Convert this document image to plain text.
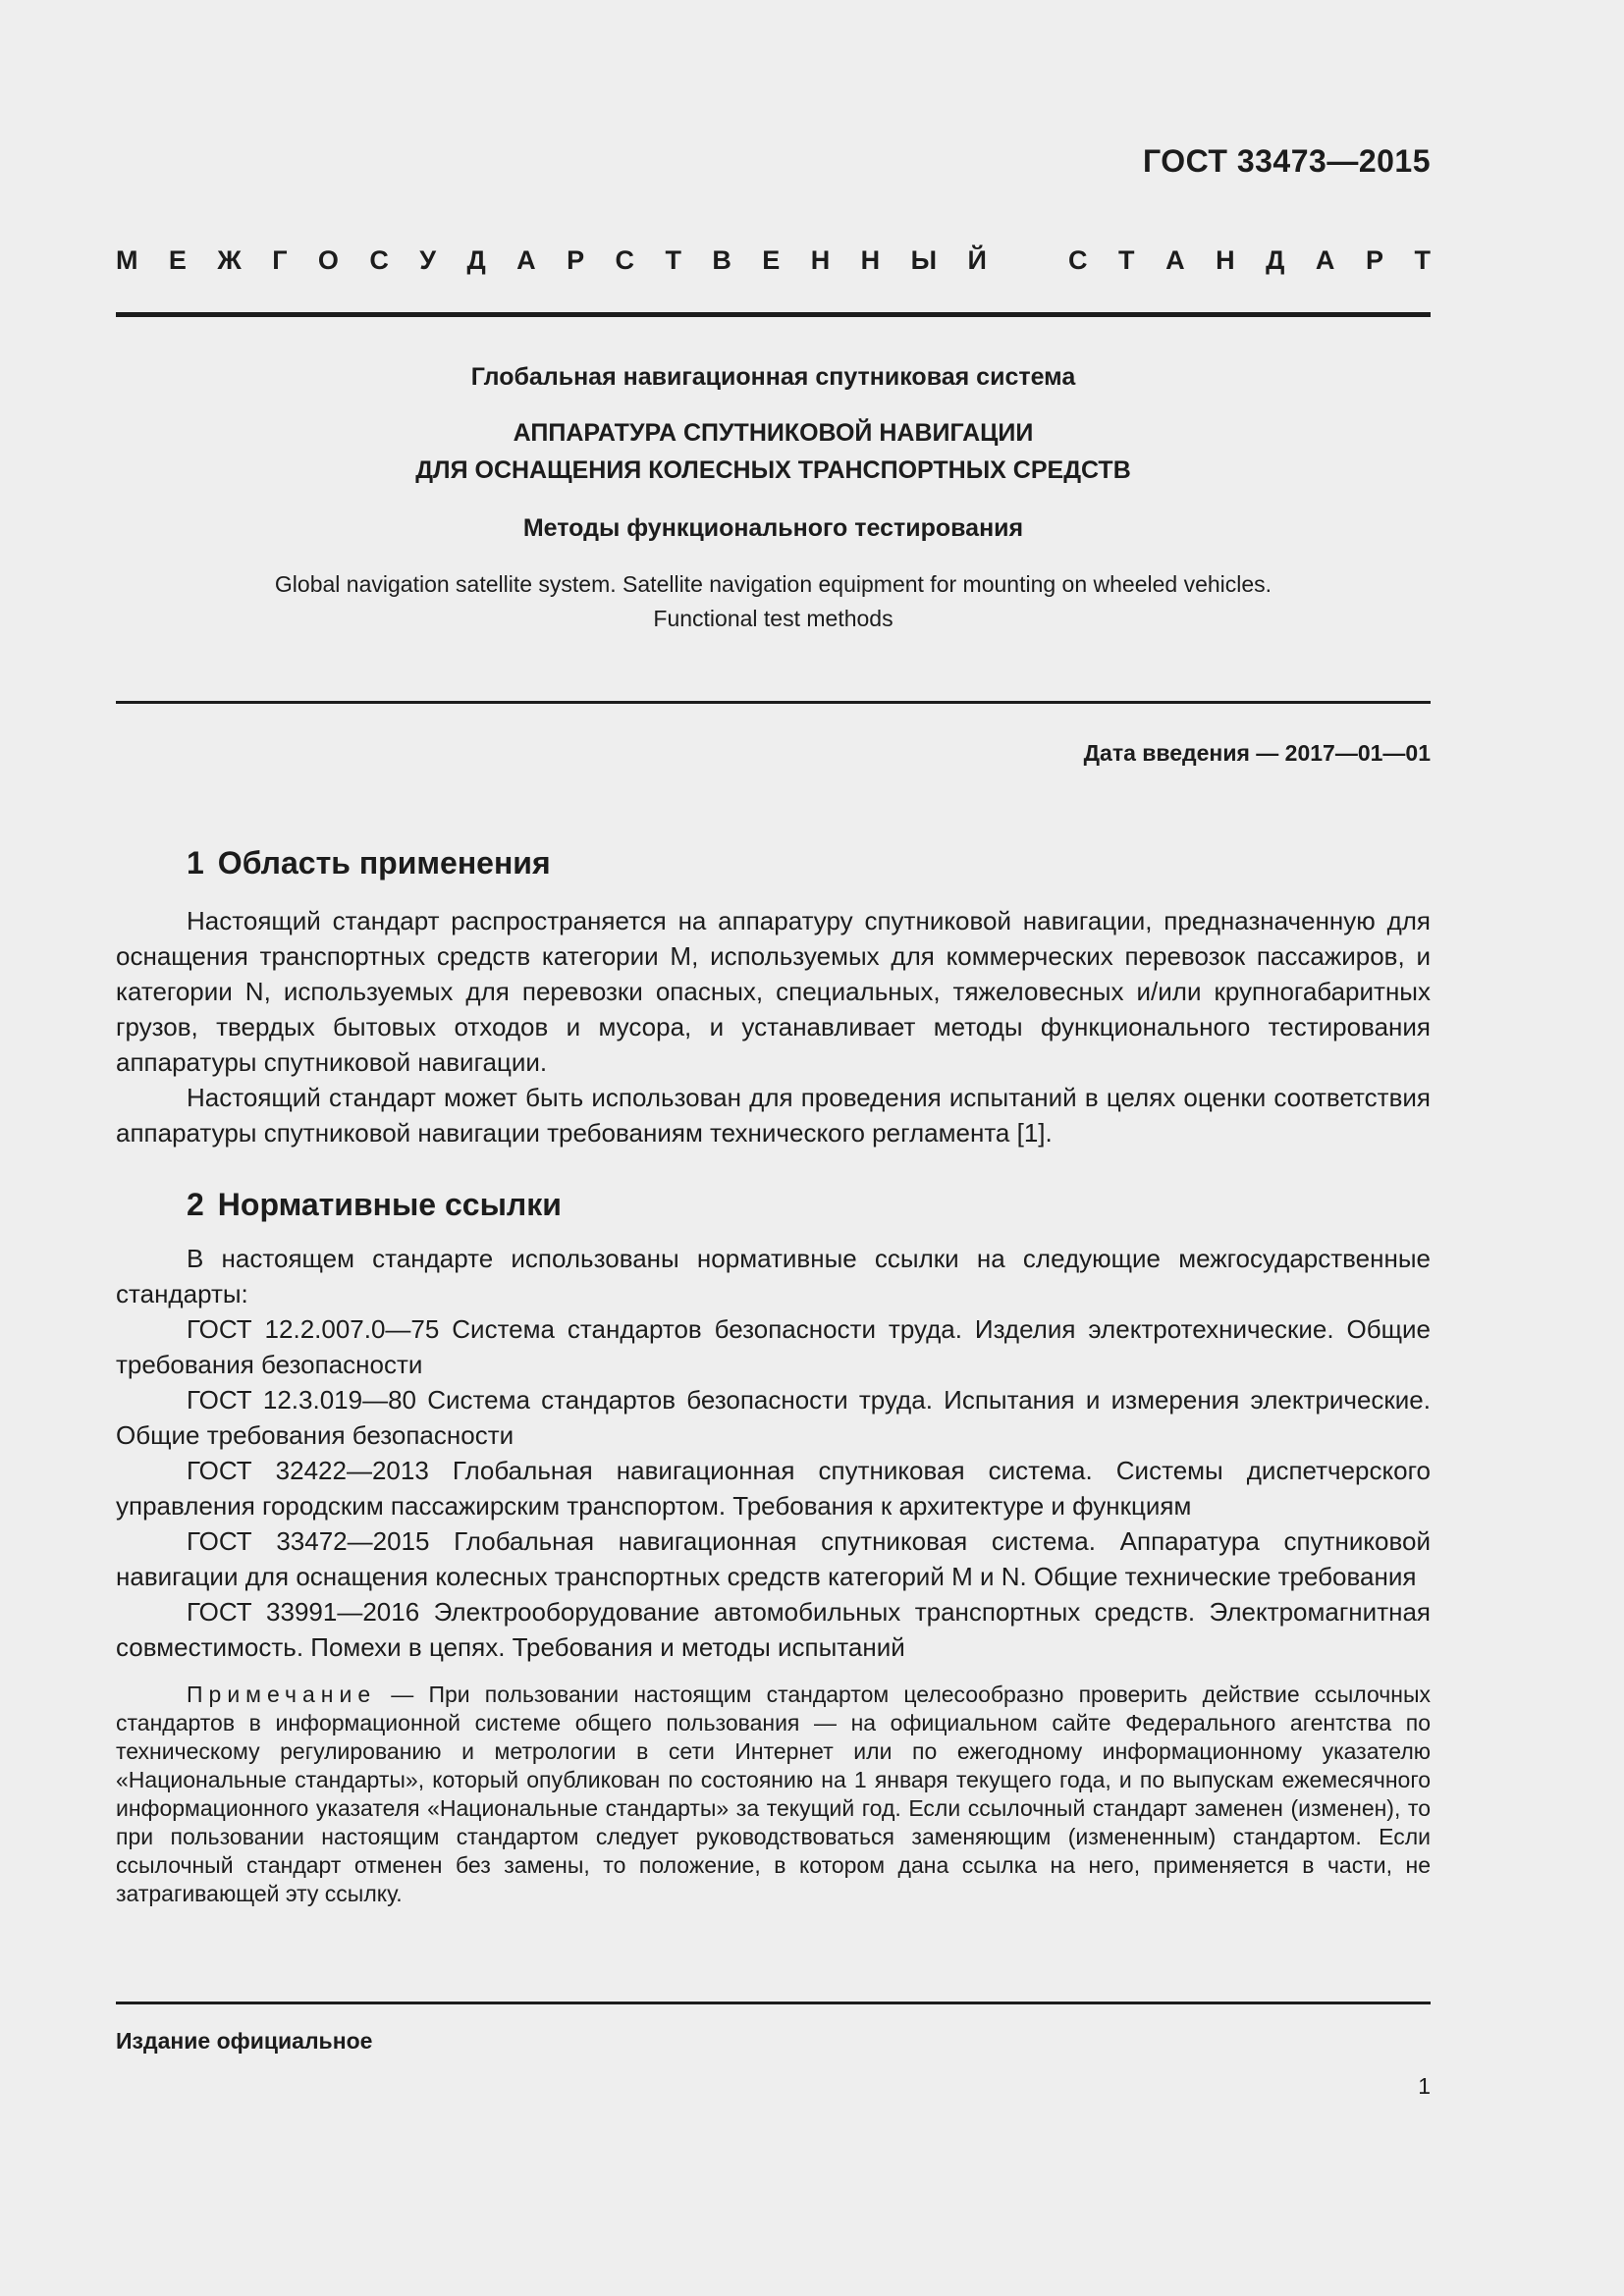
ГОСТ 33473—2015
М Е Ж Г О С У Д А Р С Т В Е Н Н Ы Й	С Т А Н Д А Р Т
Глобальная навигационная спутниковая система
АППАРАТУРА СПУТНИКОВОЙ НАВИГАЦИИ
ДЛЯ ОСНАЩЕНИЯ КОЛЕСНЫХ ТРАНСПОРТНЫХ СРЕДСТВ
Методы функционального тестирования
Global navigation satellite system. Satellite navigation equipment for mounting on wheeled vehicles.
Functional test methods
Дата введения — 2017—01—01
1 Область применения

Настоящий стандарт распространяется на аппаратуру спутниковой навигации, предназначенную для оснащения транспортных средств категории M, используемых для коммерческих перевозок пассажиров, и категории N, используемых для перевозки опасных, специальных, тяжеловесных и/или крупногабаритных грузов, твердых бытовых отходов и мусора, и устанавливает методы функционального тестирования аппаратуры спутниковой навигации.

Настоящий стандарт может быть использован для проведения испытаний в целях оценки соответствия аппаратуры спутниковой навигации требованиям технического регламента [1].

2 Нормативные ссылки

В настоящем стандарте использованы нормативные ссылки на следующие межгосударственные стандарты:

ГОСТ 12.2.007.0—75 Система стандартов безопасности труда. Изделия электротехнические. Общие требования безопасности

ГОСТ 12.3.019—80 Система стандартов безопасности труда. Испытания и измерения электрические. Общие требования безопасности

ГОСТ 32422—2013 Глобальная навигационная спутниковая система. Системы диспетчерского управления городским пассажирским транспортом. Требования к архитектуре и функциям

ГОСТ 33472—2015 Глобальная навигационная спутниковая система. Аппаратура спутниковой навигации для оснащения колесных транспортных средств категорий M и N. Общие технические требования

ГОСТ 33991—2016 Электрооборудование автомобильных транспортных средств. Электромагнитная совместимость. Помехи в цепях. Требования и методы испытаний

Примечание — При пользовании настоящим стандартом целесообразно проверить действие ссылочных стандартов в информационной системе общего пользования — на официальном сайте Федерального агентства по техническому регулированию и метрологии в сети Интернет или по ежегодному информационному указателю «Национальные стандарты», который опубликован по состоянию на 1 января текущего года, и по выпускам ежемесячного информационного указателя «Национальные стандарты» за текущий год. Если ссылочный стандарт заменен (изменен), то при пользовании настоящим стандартом следует руководствоваться заменяющим (измененным) стандартом. Если ссылочный стандарт отменен без замены, то положение, в котором дана ссылка на него, применяется в части, не затрагивающей эту ссылку.

Издание официальное
1
